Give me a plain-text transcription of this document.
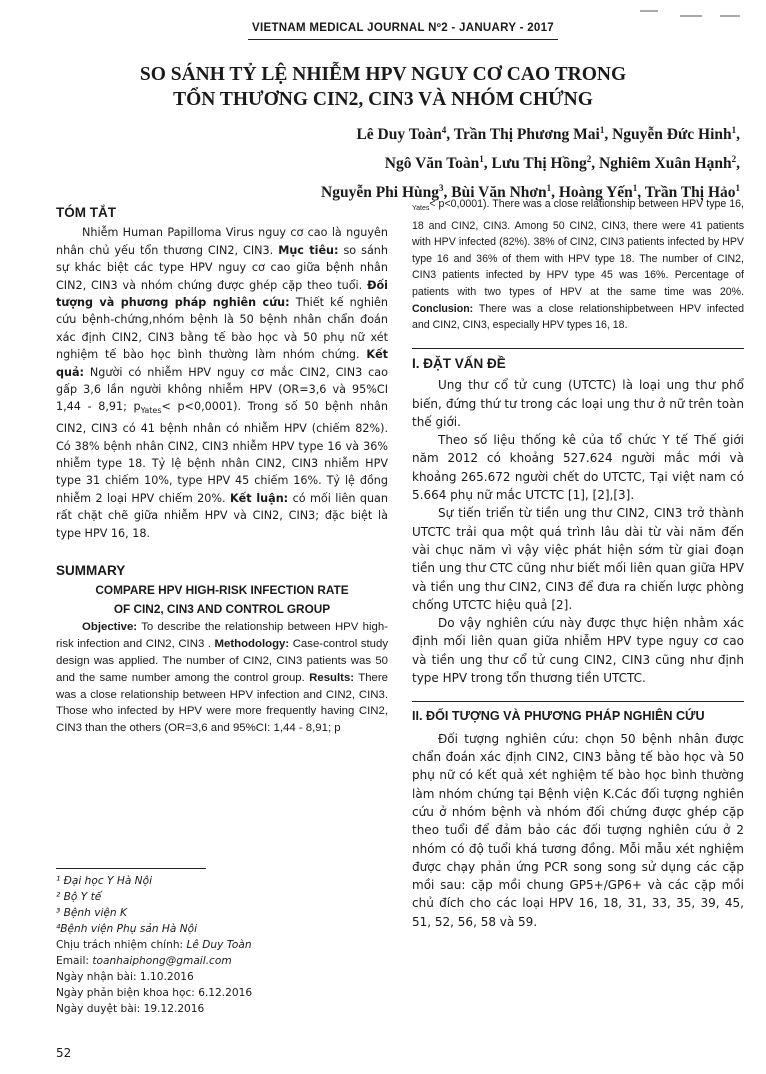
VIETNAM MEDICAL JOURNAL Nº2 - JANUARY - 2017
SO SÁNH TỶ LỆ NHIỄM HPV NGUY CƠ CAO TRONG
TỔN THƯƠNG CIN2, CIN3 VÀ NHÓM CHỨNG
Lê Duy Toàn$^4$, Trần Thị Phương Mai$^1$, Nguyễn Đức Hinh$^1$,
Ngô Văn Toàn$^1$, Lưu Thị Hồng$^2$, Nghiêm Xuân Hạnh$^2$,
Nguyễn Phi Hùng$^3$, Bùi Văn Nhơn$^1$, Hoàng Yến$^1$, Trần Thị Hảo$^1$
TÓM TẮT

Nhiễm Human Papilloma Virus nguy cơ cao là nguyên nhân chủ yếu tổn thương CIN2, CIN3. Mục tiêu: so sánh sự khác biệt các type HPV nguy cơ cao giữa bệnh nhân CIN2, CIN3 và nhóm chứng được ghép cặp theo tuổi. Đối tượng và phương pháp nghiên cứu: Thiết kế nghiên cứu bệnh-chứng,nhóm bệnh là 50 bệnh nhân chẩn đoán xác định CIN2, CIN3 bằng tế bào học và 50 phụ nữ xét nghiệm tế bào học bình thường làm nhóm chứng. Kết quả: Người có nhiễm HPV nguy cơ mắc CIN2, CIN3 cao gấp 3,6 lần người không nhiễm HPV (OR=3,6 và 95%CI 1,44 - 8,91; $p_{Yates}< p<0,0001$). Trong số 50 bệnh nhân CIN2, CIN3 có 41 bệnh nhân có nhiễm HPV (chiếm 82%). Có 38% bệnh nhân CIN2, CIN3 nhiễm HPV type 16 và 36% nhiễm type 18. Tỷ lệ bệnh nhân CIN2, CIN3 nhiễm HPV type 31 chiếm 10%, type HPV 45 chiếm 16%. Tỷ lệ đồng nhiễm 2 loại HPV chiếm 20%. Kết luận: có mối liên quan rất chặt chẽ giữa nhiễm HPV và CIN2, CIN3; đặc biệt là type HPV 16, 18.

SUMMARY
COMPARE HPV HIGH-RISK INFECTION RATE
OF CIN2, CIN3 AND CONTROL GROUP

Objective: To describe the relationship between HPV high-risk infection and CIN2, CIN3 . Methodology: Case-control study design was applied. The number of CIN2, CIN3 patients was 50 and the same number among the control group. Results: There was a close relationship between HPV infection and CIN2, CIN3. Those who infected by HPV were more frequently having CIN2, CIN3 than the others (OR=3,6 and 95%CI: 1,44 - 8,91; p

¹ Đại học Y Hà Nội
² Bộ Y tế
³ Bệnh viện K
⁴Bệnh viện Phụ sản Hà Nội
Chịu trách nhiệm chính: Lê Duy Toàn
Email: toanhaiphong@gmail.com
Ngày nhận bài: 1.10.2016
Ngày phản biện khoa học: 6.12.2016
Ngày duyệt bài: 19.12.2016
52

$_{Yates}$< p<0,0001). There was a close relationship between HPV type 16, 18 and CIN2, CIN3. Among 50 CIN2, CIN3, there were 41 patients with HPV infected (82%). 38% of CIN2, CIN3 patients infected by HPV type 16 and 36% of them with HPV type 18. The number of CIN2, CIN3 patients infected by HPV type 45 was 16%. Percentage of patients with two types of HPV at the same time was 20%. Conclusion: There was a close relationshipbetween HPV infected and CIN2, CIN3, especially HPV types 16, 18.

I. ĐẶT VẤN ĐỀ

Ung thư cổ tử cung (UTCTC) là loại ung thư phổ biến, đứng thứ tư trong các loại ung thư ở nữ trên toàn thế giới.

Theo số liệu thống kê của tổ chức Y tế Thế giới năm 2012 có khoảng 527.624 người mắc mới và khoảng 265.672 người chết do UTCTC, Tại việt nam có 5.664 phụ nữ mắc UTCTC [1], [2],[3].

Sự tiến triển từ tiền ung thư CIN2, CIN3 trở thành UTCTC trải qua một quá trình lâu dài từ vài năm đến vài chục năm vì vậy việc phát hiện sớm từ giai đoạn tiền ung thư CTC cũng như biết mối liên quan giữa HPV và tiền ung thư CIN2, CIN3 để đưa ra chiến lược phòng chống UTCTC hiệu quả [2].

Do vậy nghiên cứu này được thực hiện nhằm xác định mối liên quan giữa nhiễm HPV type nguy cơ cao và tiền ung thư cổ tử cung CIN2, CIN3 cũng như định type HPV trong tổn thương tiền UTCTC.

II. ĐỐI TƯỢNG VÀ PHƯƠNG PHÁP NGHIÊN CỨU

Đối tượng nghiên cứu: chọn 50 bệnh nhân được chẩn đoán xác định CIN2, CIN3 bằng tế bào học và 50 phụ nữ có kết quả xét nghiệm tế bào học bình thường làm nhóm chứng tại Bệnh viện K.Các đối tượng nghiên cứu ở nhóm bệnh và nhóm đối chứng được ghép cặp theo tuổi để đảm bảo các đối tượng nghiên cứu ở 2 nhóm có độ tuổi khá tương đồng. Mỗi mẫu xét nghiệm được chạy phản ứng PCR song song sử dụng các cặp mồi sau: cặp mồi chung GP5+/GP6+ và các cặp mồi chủ đích cho các loại HPV 16, 18, 31, 33, 35, 39, 45, 51, 52, 56, 58 và 59.
